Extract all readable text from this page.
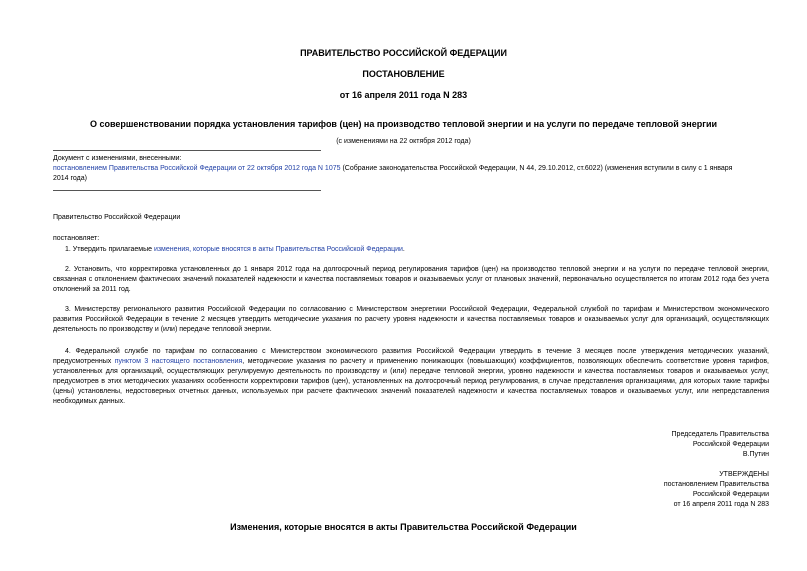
ПРАВИТЕЛЬСТВО РОССИЙСКОЙ ФЕДЕРАЦИИ
ПОСТАНОВЛЕНИЕ
от 16 апреля 2011 года N 283
О совершенствовании порядка установления тарифов (цен) на производство тепловой энергии и на услуги по передаче тепловой энергии
(с изменениями на 22 октября 2012 года)
Документ с изменениями, внесенными:
постановлением Правительства Российской Федерации от 22 октября 2012 года N 1075 (Собрание законодательства Российской Федерации, N 44, 29.10.2012, ст.6022) (изменения вступили в силу с 1 января
2014 года)
Правительство Российской Федерации
постановляет:
1. Утвердить прилагаемые изменения, которые вносятся в акты Правительства Российской Федерации.
2. Установить, что корректировка установленных до 1 января 2012 года на долгосрочный период регулирования тарифов (цен) на производство тепловой энергии и на услуги по передаче тепловой энергии, связанная с отклонением фактических значений показателей надежности и качества поставляемых товаров и оказываемых услуг от плановых значений, первоначально осуществляется по итогам 2012 года без учета отклонений за 2011 год.
3. Министерству регионального развития Российской Федерации по согласованию с Министерством энергетики Российской Федерации, Федеральной службой по тарифам и Министерством экономического развития Российской Федерации в течение 2 месяцев утвердить методические указания по расчету уровня надежности и качества поставляемых товаров и оказываемых услуг для организаций, осуществляющих деятельность по производству и (или) передаче тепловой энергии.
4. Федеральной службе по тарифам по согласованию с Министерством экономического развития Российской Федерации утвердить в течение 3 месяцев после утверждения методических указаний, предусмотренных пунктом 3 настоящего постановления, методические указания по расчету и применению понижающих (повышающих) коэффициентов, позволяющих обеспечить соответствие уровня тарифов, установленных для организаций, осуществляющих регулируемую деятельность по производству и (или) передаче тепловой энергии, уровню надежности и качества поставляемых товаров и оказываемых услуг, предусмотрев в этих методических указаниях особенности корректировки тарифов (цен), установленных на долгосрочный период регулирования, в случае представления организациями, для которых такие тарифы (цены) установлены, недостоверных отчетных данных, используемых при расчете фактических значений показателей надежности и качества поставляемых товаров и оказываемых услуг, или непредставления необходимых данных.
Председатель Правительства
Российской Федерации
В.Путин
УТВЕРЖДЕНЫ
постановлением Правительства
Российской Федерации
от 16 апреля 2011 года N 283
Изменения, которые вносятся в акты Правительства Российской Федерации
